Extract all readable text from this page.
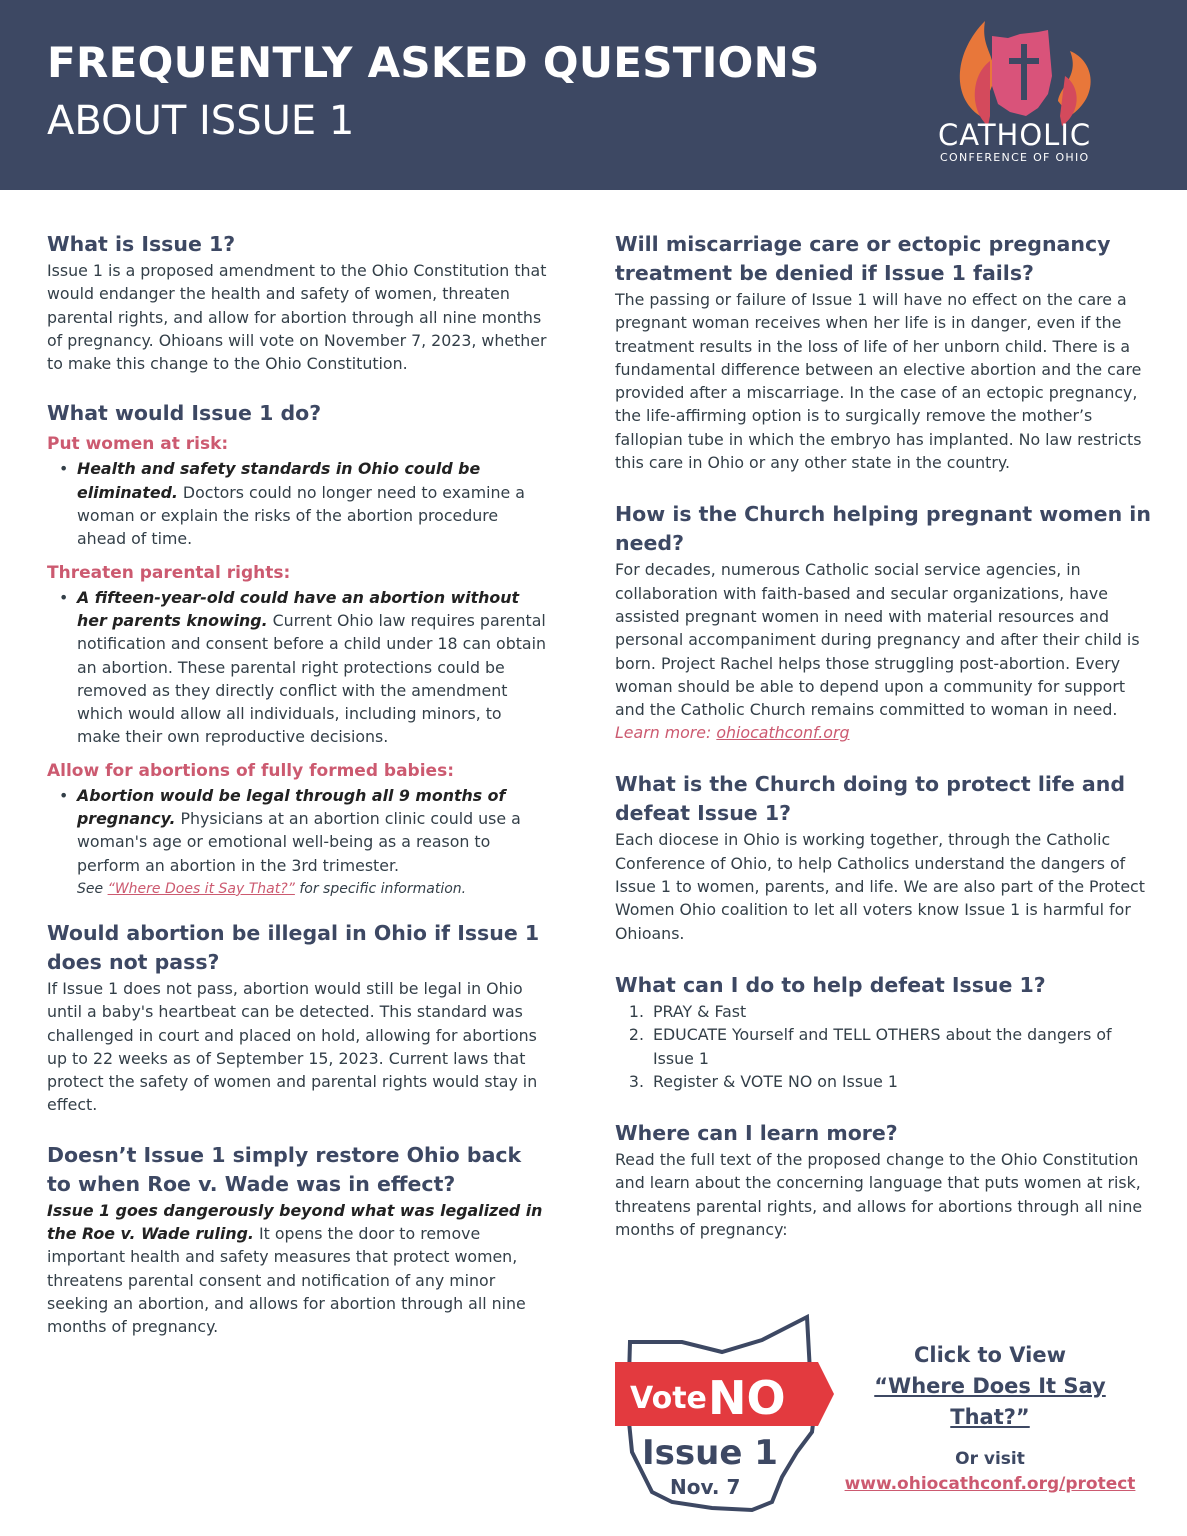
FREQUENTLY ASKED QUESTIONS
ABOUT ISSUE 1	CATHOLIC
CONFERENCE OF OHIO
What is Issue 1?

Issue 1 is a proposed amendment to the Ohio Constitution that would endanger the health and safety of women, threaten parental rights, and allow for abortion through all nine months of pregnancy. Ohioans will vote on November 7, 2023, whether to make this change to the Ohio Constitution.

What would Issue 1 do?
Put women at risk:
• Health and safety standards in Ohio could be eliminated. Doctors could no longer need to examine a woman or explain the risks of the abortion procedure ahead of time.
Threaten parental rights:
• A fifteen-year-old could have an abortion without her parents knowing. Current Ohio law requires parental notification and consent before a child under 18 can obtain an abortion. These parental right protections could be removed as they directly conflict with the amendment which would allow all individuals, including minors, to make their own reproductive decisions.
Allow for abortions of fully formed babies:
• Abortion would be legal through all 9 months of pregnancy. Physicians at an abortion clinic could use a woman's age or emotional well-being as a reason to perform an abortion in the 3rd trimester.
See “Where Does it Say That?” for specific information.
Would abortion be illegal in Ohio if Issue 1 does not pass?

If Issue 1 does not pass, abortion would still be legal in Ohio until a baby's heartbeat can be detected. This standard was challenged in court and placed on hold, allowing for abortions up to 22 weeks as of September 15, 2023. Current laws that protect the safety of women and parental rights would stay in effect.

Doesn’t Issue 1 simply restore Ohio back to when Roe v. Wade was in effect?

Issue 1 goes dangerously beyond what was legalized in the Roe v. Wade ruling. It opens the door to remove important health and safety measures that protect women, threatens parental consent and notification of any minor seeking an abortion, and allows for abortion through all nine months of pregnancy.

Will miscarriage care or ectopic pregnancy treatment be denied if Issue 1 fails?

The passing or failure of Issue 1 will have no effect on the care a pregnant woman receives when her life is in danger, even if the treatment results in the loss of life of her unborn child. There is a fundamental difference between an elective abortion and the care provided after a miscarriage. In the case of an ectopic pregnancy, the life-affirming option is to surgically remove the mother’s fallopian tube in which the embryo has implanted. No law restricts this care in Ohio or any other state in the country.

How is the Church helping pregnant women in need?

For decades, numerous Catholic social service agencies, in collaboration with faith-based and secular organizations, have assisted pregnant women in need with material resources and personal accompaniment during pregnancy and after their child is born. Project Rachel helps those struggling post-abortion. Every woman should be able to depend upon a community for support and the Catholic Church remains committed to woman in need.

Learn more: ohiocathconf.org
What is the Church doing to protect life and defeat Issue 1?

Each diocese in Ohio is working together, through the Catholic Conference of Ohio, to help Catholics understand the dangers of Issue 1 to women, parents, and life. We are also part of the Protect Women Ohio coalition to let all voters know Issue 1 is harmful for Ohioans.

What can I do to help defeat Issue 1?
1. PRAY & Fast
2. EDUCATE Yourself and TELL OTHERS about the dangers of Issue 1
3. Register & VOTE NO on Issue 1
Where can I learn more?

Read the full text of the proposed change to the Ohio Constitution and learn about the concerning language that puts women at risk, threatens parental rights, and allows for abortions through all nine months of pregnancy:

Vote NO
Issue 1
Nov. 7
Click to View
“Where Does It Say That?”
Or visit
www.ohiocathconf.org/protect
